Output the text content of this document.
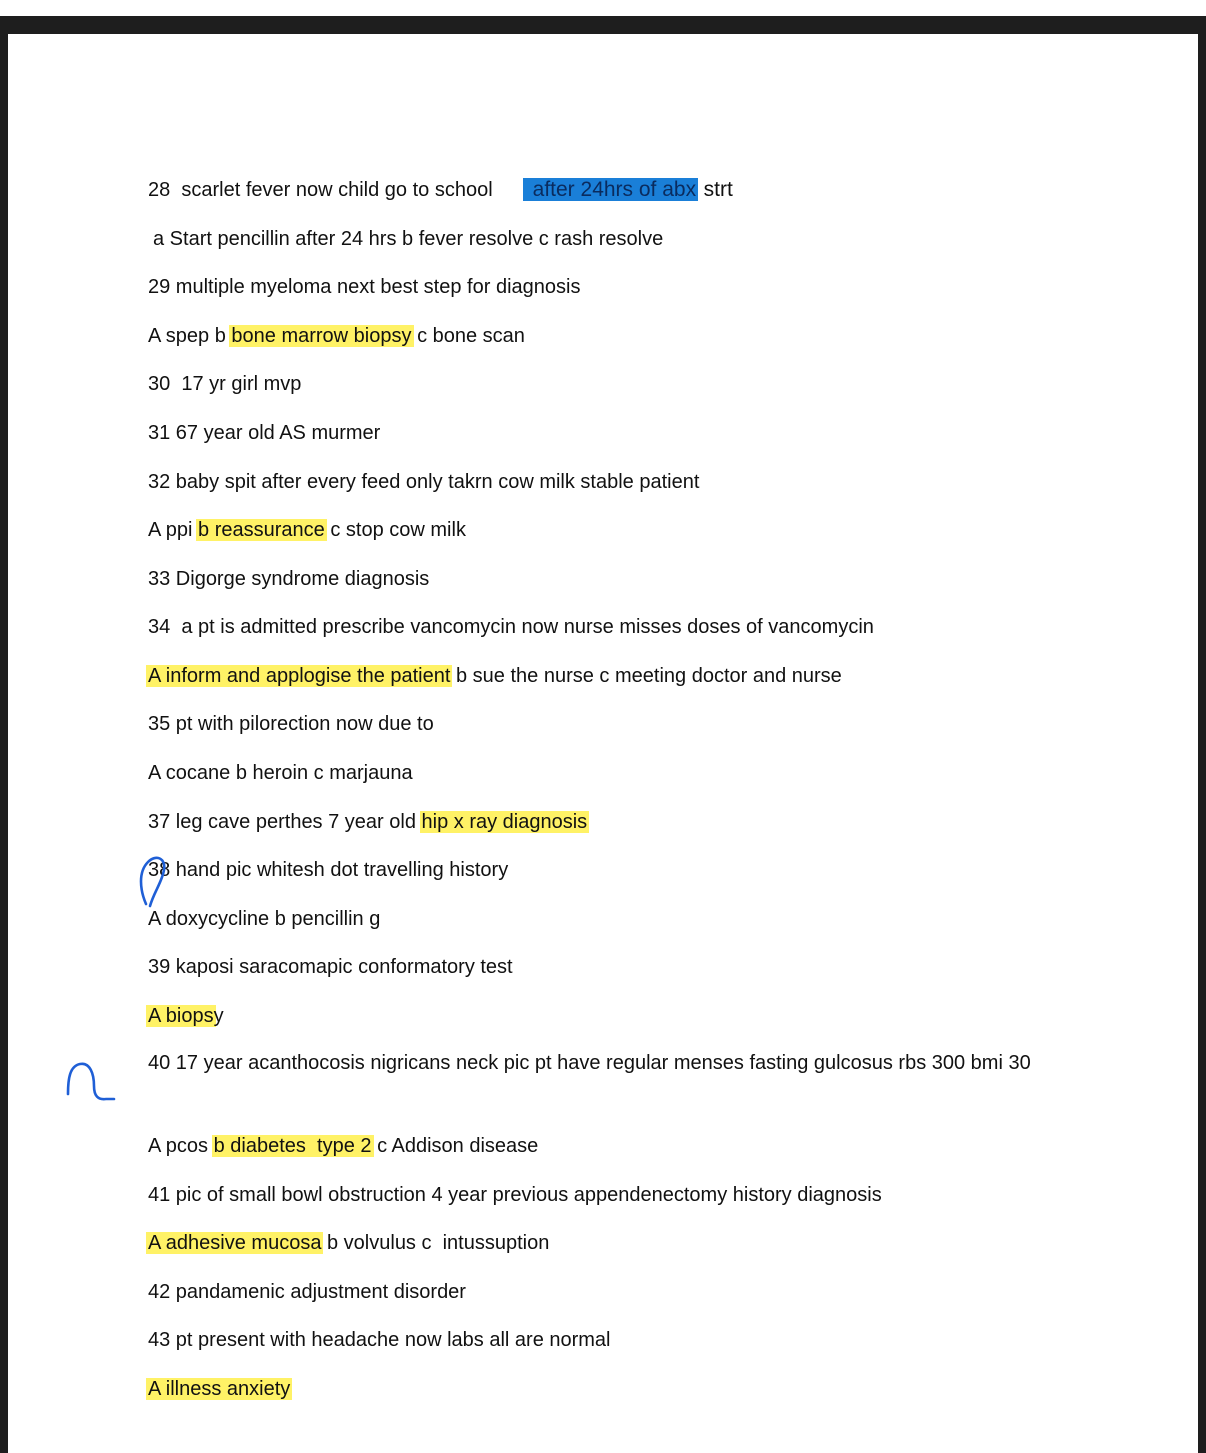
28 scarlet fever now child go to school after 24hrs of abx strt
a Start pencillin after 24 hrs b fever resolve c rash resolve
29 multiple myeloma next best step for diagnosis
A spep b bone marrow biopsy c bone scan
30  17 yr girl mvp
31 67 year old AS murmer
32 baby spit after every feed only takrn cow milk stable patient
A ppi b reassurance c stop cow milk
33 Digorge syndrome diagnosis
34  a pt is admitted prescribe vancomycin now nurse misses doses of vancomycin
A inform and applogise the patient b sue the nurse c meeting doctor and nurse
35 pt with pilorection now due to
A cocane b heroin c marjauna
37 leg cave perthes 7 year old hip x ray diagnosis
38 hand pic whitesh dot travelling history
A doxycycline b pencillin g
39 kaposi saracomapic conformatory test
A biopsy
40 17 year acanthocosis nigricans neck pic pt have regular menses fasting gulcosus rbs 300 bmi 30
A pcos b diabetes  type 2 c Addison disease
41 pic of small bowl obstruction 4 year previous appendenectomy history diagnosis
A adhesive mucosa b volvulus c  intussuption
42 pandamenic adjustment disorder
43 pt present with headache now labs all are normal
A illness anxiety
